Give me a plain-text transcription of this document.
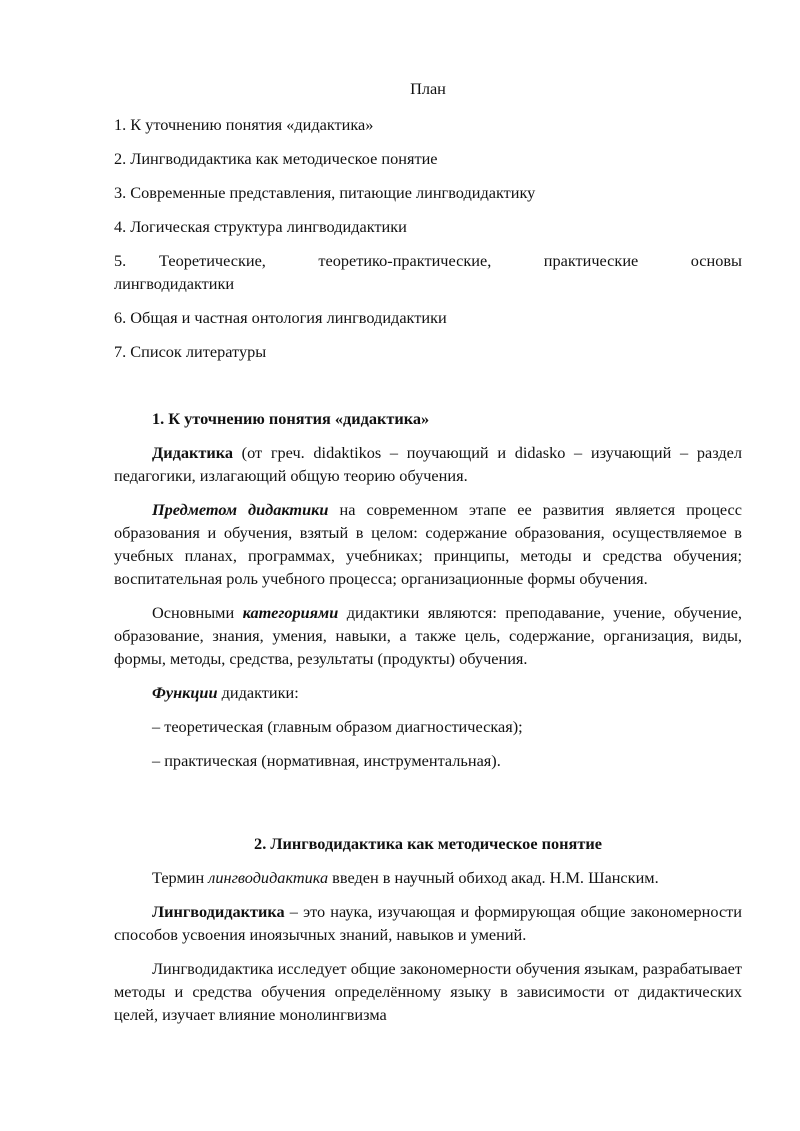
План
1. К уточнению понятия «дидактика»
2. Лингводидактика как методическое понятие
3. Современные представления, питающие лингводидактику
4. Логическая структура лингводидактики
5.     Теоретические,        теоретико-практические,        практические        основы лингводидактики
6. Общая и частная онтология лингводидактики
7. Список литературы

1. К уточнению понятия «дидактика»

Дидактика (от греч. didaktikos – поучающий и didasko – изучающий – раздел педагогики, излагающий общую теорию обучения.

Предметом дидактики на современном этапе ее развития является процесс образования и обучения, взятый в целом: содержание образования, осуществляемое в учебных планах, программах, учебниках; принципы, методы и средства обучения; воспитательная роль учебного процесса; организационные формы обучения.

Основными категориями дидактики являются: преподавание, учение, обучение, образование, знания, умения, навыки, а также цель, содержание, организация, виды, формы, методы, средства, результаты (продукты) обучения.

Функции дидактики:

– теоретическая (главным образом диагностическая);

– практическая (нормативная, инструментальная).

2. Лингводидактика как методическое понятие

Термин лингводидактика введен в научный обиход акад. Н.М. Шанским.

Лингводидактика – это наука, изучающая и формирующая общие закономерности способов усвоения иноязычных знаний, навыков и умений.

Лингводидактика исследует общие закономерности обучения языкам, разрабатывает методы и средства обучения определённому языку в зависимости от дидактических целей, изучает влияние монолингвизма
